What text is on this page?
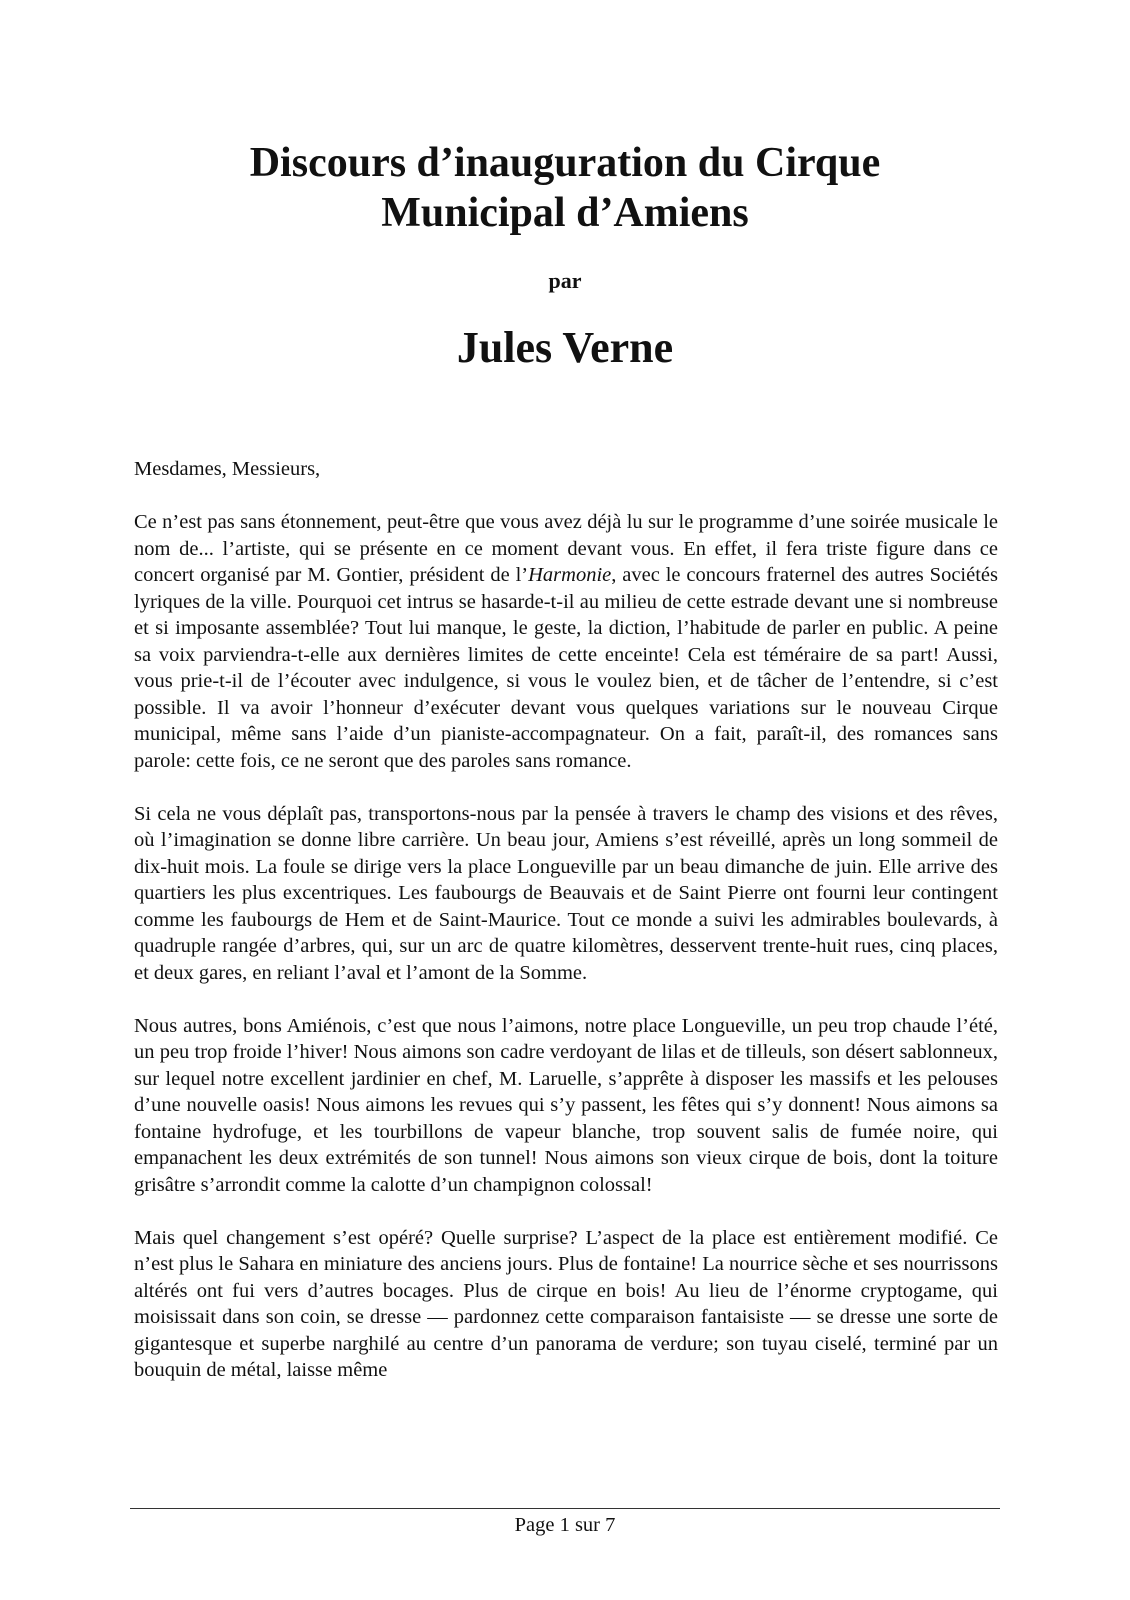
Discours d’inauguration du Cirque
Municipal d’Amiens
par
Jules Verne

Mesdames, Messieurs,

Ce n’est pas sans étonnement, peut-être que vous avez déjà lu sur le programme d’une soirée musicale le nom de... l’artiste, qui se présente en ce moment devant vous. En effet, il fera triste figure dans ce concert organisé par M. Gontier, président de l’Harmonie, avec le concours fraternel des autres Sociétés lyriques de la ville. Pourquoi cet intrus se hasarde-t-il au milieu de cette estrade devant une si nombreuse et si imposante assemblée? Tout lui manque, le geste, la diction, l’habitude de parler en public. A peine sa voix parviendra-t-elle aux dernières limites de cette enceinte! Cela est téméraire de sa part! Aussi, vous prie-t-il de l’écouter avec indulgence, si vous le voulez bien, et de tâcher de l’entendre, si c’est possible. Il va avoir l’honneur d’exécuter devant vous quelques variations sur le nouveau Cirque municipal, même sans l’aide d’un pianiste-accompagnateur. On a fait, paraît-il, des romances sans parole: cette fois, ce ne seront que des paroles sans romance.

Si cela ne vous déplaît pas, transportons-nous par la pensée à travers le champ des visions et des rêves, où l’imagination se donne libre carrière. Un beau jour, Amiens s’est réveillé, après un long sommeil de dix-huit mois. La foule se dirige vers la place Longueville par un beau dimanche de juin. Elle arrive des quartiers les plus excentriques. Les faubourgs de Beauvais et de Saint Pierre ont fourni leur contingent comme les faubourgs de Hem et de Saint-Maurice. Tout ce monde a suivi les admirables boulevards, à quadruple rangée d’arbres, qui, sur un arc de quatre kilomètres, desservent trente-huit rues, cinq places, et deux gares, en reliant l’aval et l’amont de la Somme.

Nous autres, bons Amiénois, c’est que nous l’aimons, notre place Longueville, un peu trop chaude l’été, un peu trop froide l’hiver! Nous aimons son cadre verdoyant de lilas et de tilleuls, son désert sablonneux, sur lequel notre excellent jardinier en chef, M. Laruelle, s’apprête à disposer les massifs et les pelouses d’une nouvelle oasis! Nous aimons les revues qui s’y passent, les fêtes qui s’y donnent! Nous aimons sa fontaine hydrofuge, et les tourbillons de vapeur blanche, trop souvent salis de fumée noire, qui empanachent les deux extrémités de son tunnel! Nous aimons son vieux cirque de bois, dont la toiture grisâtre s’arrondit comme la calotte d’un champignon colossal!

Mais quel changement s’est opéré? Quelle surprise? L’aspect de la place est entièrement modifié. Ce n’est plus le Sahara en miniature des anciens jours. Plus de fontaine! La nourrice sèche et ses nourrissons altérés ont fui vers d’autres bocages. Plus de cirque en bois! Au lieu de l’énorme cryptogame, qui moisissait dans son coin, se dresse — pardonnez cette comparaison fantaisiste — se dresse une sorte de gigantesque et superbe narghilé au centre d’un panorama de verdure; son tuyau ciselé, terminé par un bouquin de métal, laisse même

Page 1 sur 7
